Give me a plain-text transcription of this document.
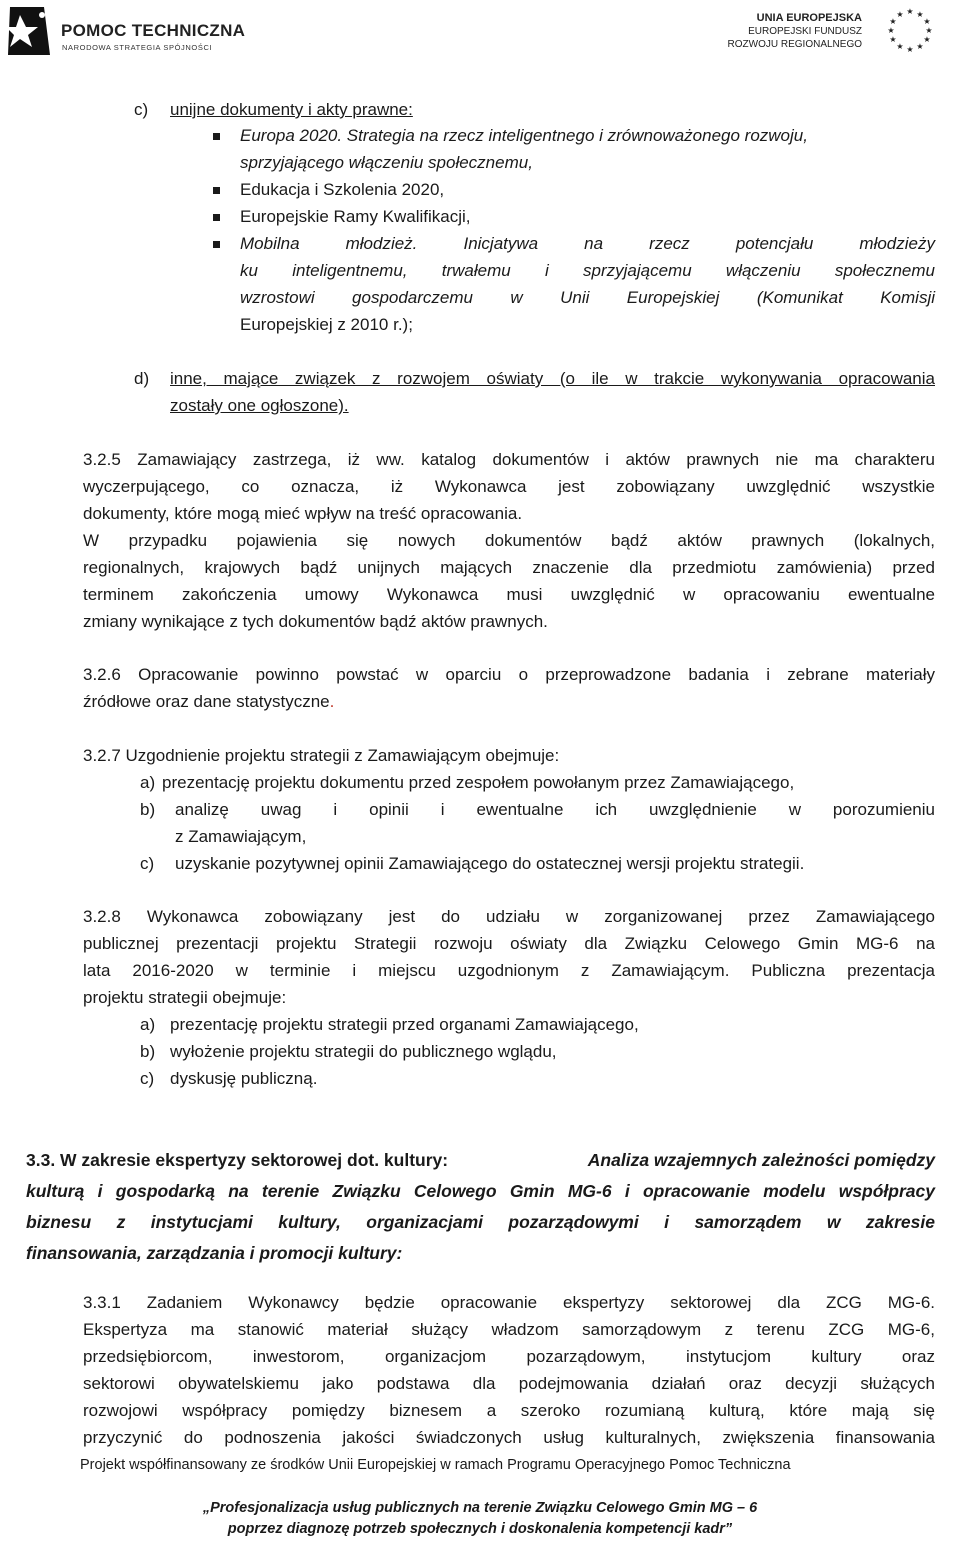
POMOC TECHNICZNA
NARODOWA STRATEGIA SPÓJNOŚCI
UNIA EUROPEJSKA
EUROPEJSKI FUNDUSZ
ROZWOJU REGIONALNEGO
★ ★
★
★
★
★
★
★
★
★
★
★
c) unijne dokumenty i akty prawne:
Europa 2020. Strategia na rzecz inteligentnego i zrównoważonego rozwoju,
sprzyjającego włączeniu społecznemu,
Edukacja i Szkolenia 2020,
Europejskie Ramy Kwalifikacji,
Mobilna młodzież. Inicjatywa na rzecz potencjału młodzieży
ku inteligentnemu, trwałemu i sprzyjającemu włączeniu społecznemu
wzrostowi gospodarczemu w Unii Europejskiej (Komunikat Komisji
Europejskiej z 2010 r.);
d) inne, mające związek z rozwojem oświaty (o ile w trakcie wykonywania opracowania
zostały one ogłoszone).
3.2.5 Zamawiający zastrzega, iż ww. katalog dokumentów i aktów prawnych nie ma charakteru
wyczerpującego, co oznacza, iż Wykonawca jest zobowiązany uwzględnić wszystkie
dokumenty, które mogą mieć wpływ na treść opracowania.
W przypadku pojawienia się nowych dokumentów bądź aktów prawnych (lokalnych,
regionalnych, krajowych bądź unijnych mających znaczenie dla przedmiotu zamówienia) przed
terminem zakończenia umowy Wykonawca musi uwzględnić w opracowaniu ewentualne
zmiany wynikające z tych dokumentów bądź aktów prawnych.
3.2.6 Opracowanie powinno powstać w oparciu o przeprowadzone badania i zebrane materiały
źródłowe oraz dane statystyczne.
3.2.7 Uzgodnienie projektu strategii z Zamawiającym obejmuje:
a) prezentację projektu dokumentu przed zespołem powołanym przez Zamawiającego,
b) analizę uwag i opinii i ewentualne ich uwzględnienie w porozumieniu
z Zamawiającym,
c) uzyskanie pozytywnej opinii Zamawiającego do ostatecznej wersji projektu strategii.
3.2.8 Wykonawca zobowiązany jest do udziału w zorganizowanej przez Zamawiającego
publicznej prezentacji projektu Strategii rozwoju oświaty dla Związku Celowego Gmin MG-6 na
lata 2016-2020 w terminie i miejscu uzgodnionym z Zamawiającym. Publiczna prezentacja
projektu strategii obejmuje:
a) prezentację projektu strategii przed organami Zamawiającego,
b) wyłożenie projektu strategii do publicznego wglądu,
c) dyskusję publiczną.
3.3. W zakresie ekspertyzy sektorowej dot. kultury:	Analiza wzajemnych zależności pomiędzy
kulturą i gospodarką na terenie Związku Celowego Gmin MG-6 i opracowanie modelu współpracy
biznesu z instytucjami kultury, organizacjami pozarządowymi i samorządem w zakresie
finansowania, zarządzania i promocji kultury:
3.3.1 Zadaniem Wykonawcy będzie opracowanie ekspertyzy sektorowej dla ZCG MG-6.
Ekspertyza ma stanowić materiał służący władzom samorządowym z terenu ZCG MG-6,
przedsiębiorcom, inwestorom, organizacjom pozarządowym, instytucjom kultury oraz
sektorowi obywatelskiemu jako podstawa dla podejmowania działań oraz decyzji służących
rozwojowi współpracy pomiędzy biznesem a szeroko rozumianą kulturą, które mają się
przyczynić do podnoszenia jakości świadczonych usług kulturalnych, zwiększenia finansowania
Projekt współfinansowany ze środków Unii Europejskiej w ramach Programu Operacyjnego Pomoc Techniczna
„Profesjonalizacja usług publicznych na terenie Związku Celowego Gmin MG – 6
poprzez diagnozę potrzeb społecznych i doskonalenia kompetencji kadr”
